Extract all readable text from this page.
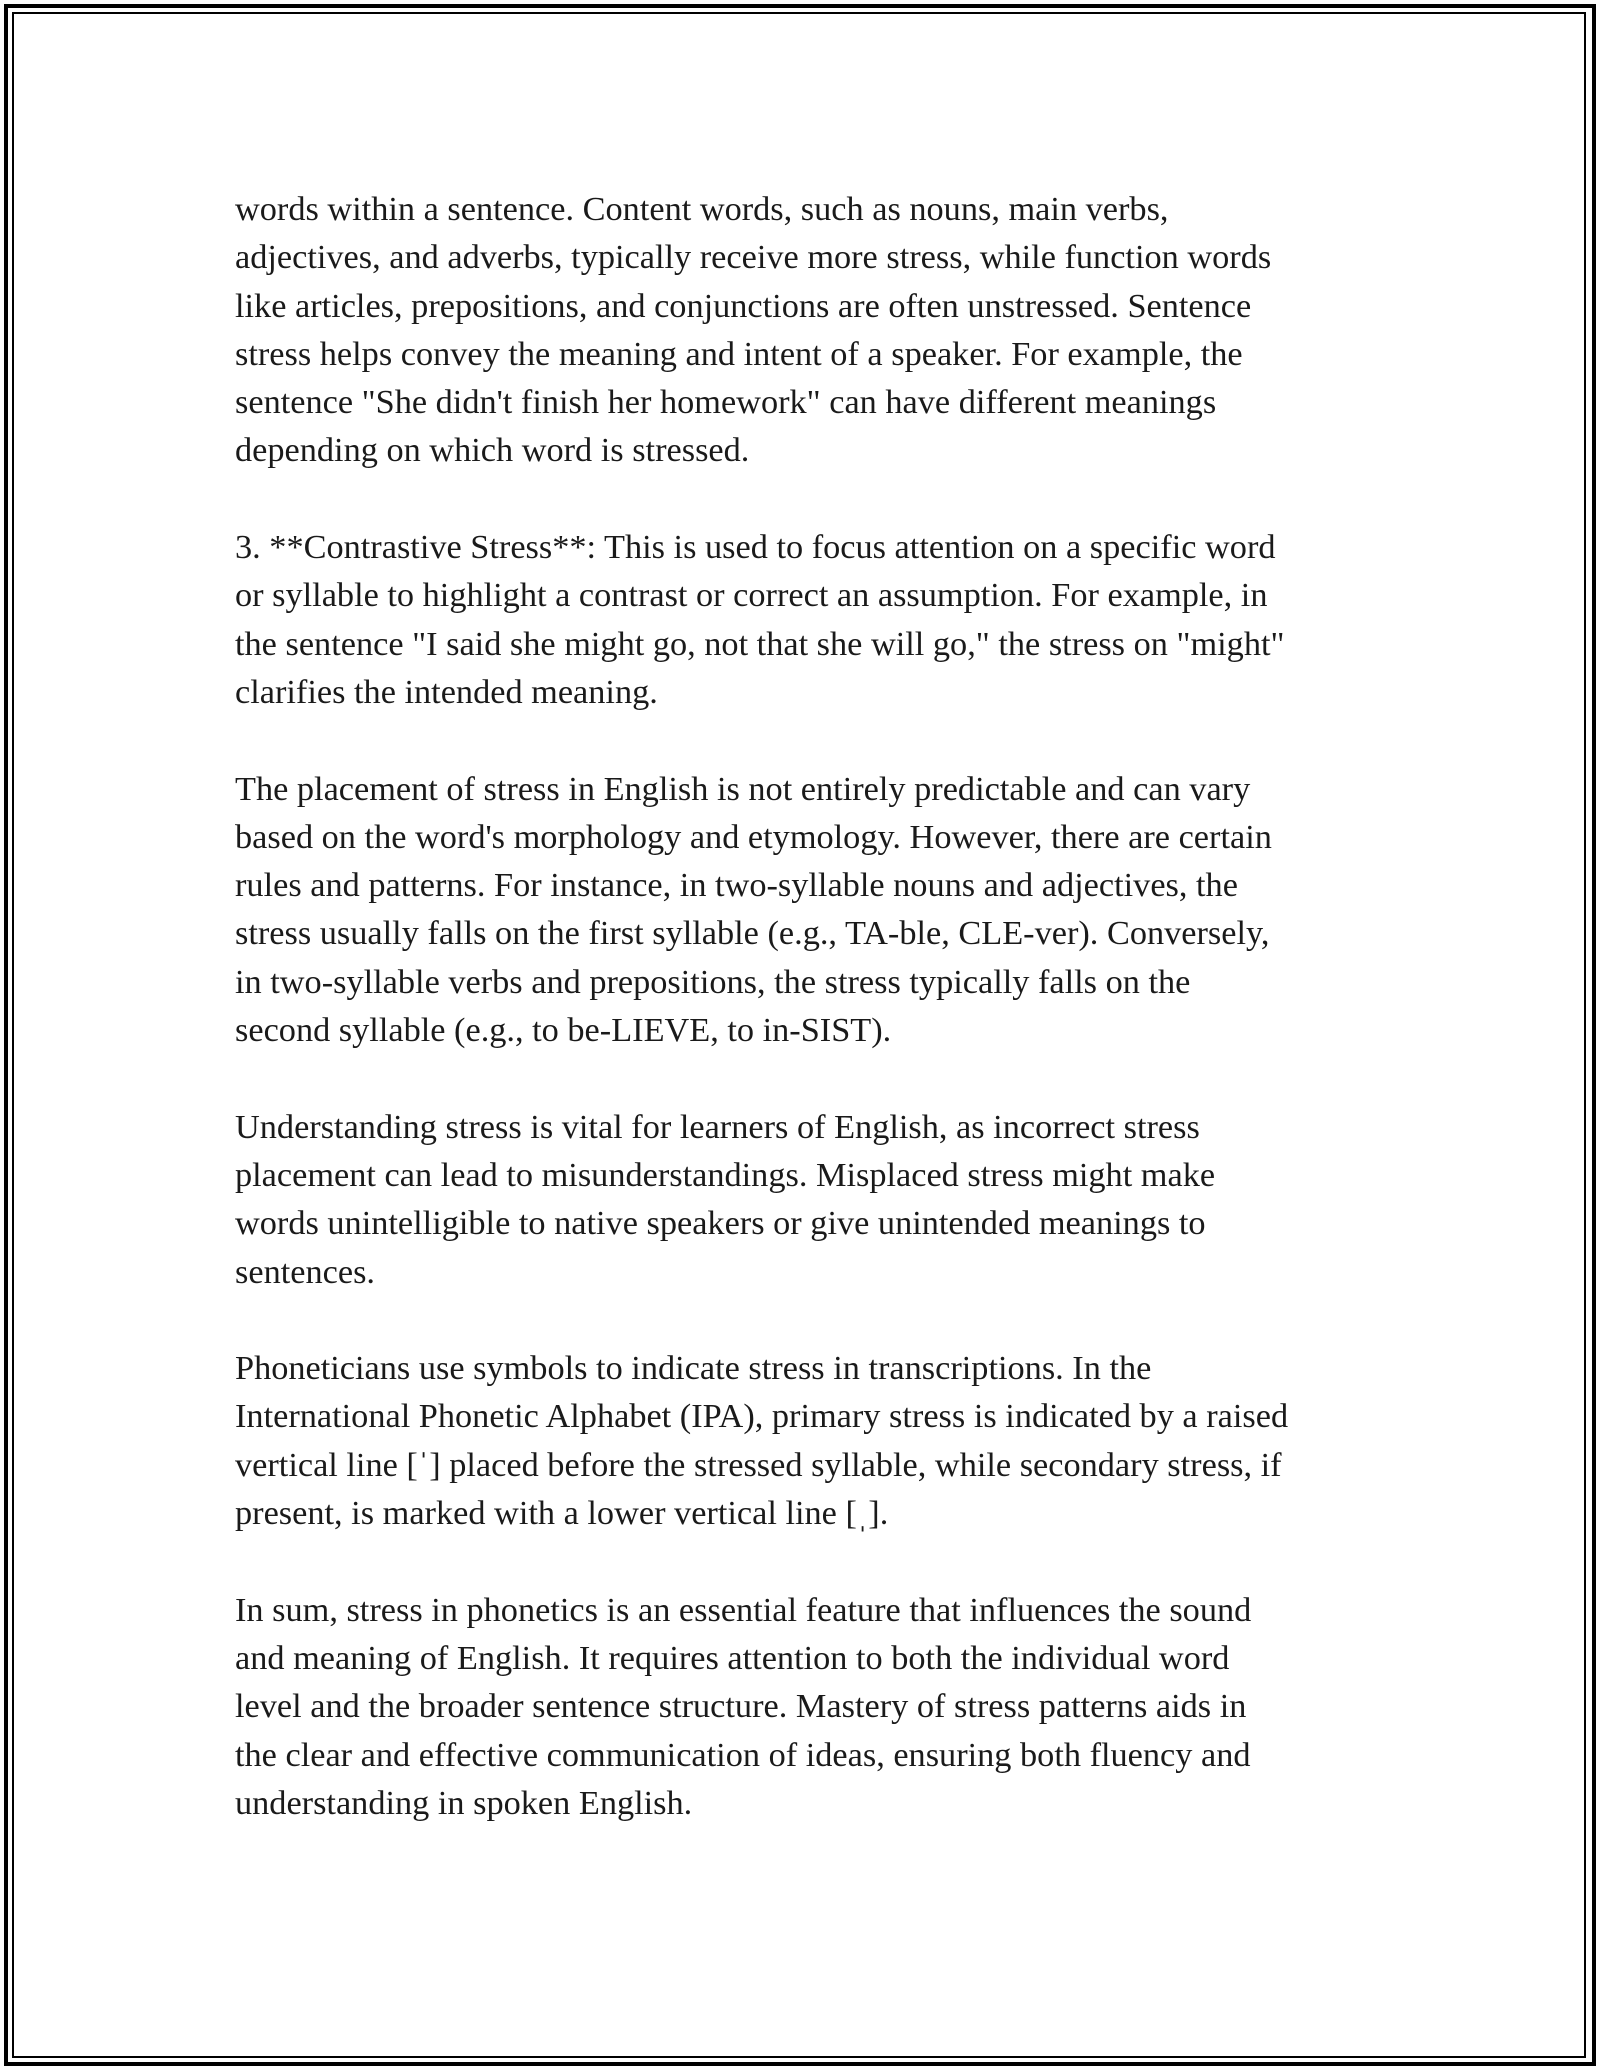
words within a sentence. Content words, such as nouns, main verbs,
adjectives, and adverbs, typically receive more stress, while function words
like articles, prepositions, and conjunctions are often unstressed. Sentence
stress helps convey the meaning and intent of a speaker. For example, the
sentence "She didn't finish her homework" can have different meanings
depending on which word is stressed.

3. **Contrastive Stress**: This is used to focus attention on a specific word
or syllable to highlight a contrast or correct an assumption. For example, in
the sentence "I said she might go, not that she will go," the stress on "might"
clarifies the intended meaning.

The placement of stress in English is not entirely predictable and can vary
based on the word's morphology and etymology. However, there are certain
rules and patterns. For instance, in two-syllable nouns and adjectives, the
stress usually falls on the first syllable (e.g., TA-ble, CLE-ver). Conversely,
in two-syllable verbs and prepositions, the stress typically falls on the
second syllable (e.g., to be-LIEVE, to in-SIST).

Understanding stress is vital for learners of English, as incorrect stress
placement can lead to misunderstandings. Misplaced stress might make
words unintelligible to native speakers or give unintended meanings to
sentences.

Phoneticians use symbols to indicate stress in transcriptions. In the
International Phonetic Alphabet (IPA), primary stress is indicated by a raised
vertical line [ˈ] placed before the stressed syllable, while secondary stress, if
present, is marked with a lower vertical line [ˌ].

In sum, stress in phonetics is an essential feature that influences the sound
and meaning of English. It requires attention to both the individual word
level and the broader sentence structure. Mastery of stress patterns aids in
the clear and effective communication of ideas, ensuring both fluency and
understanding in spoken English.
